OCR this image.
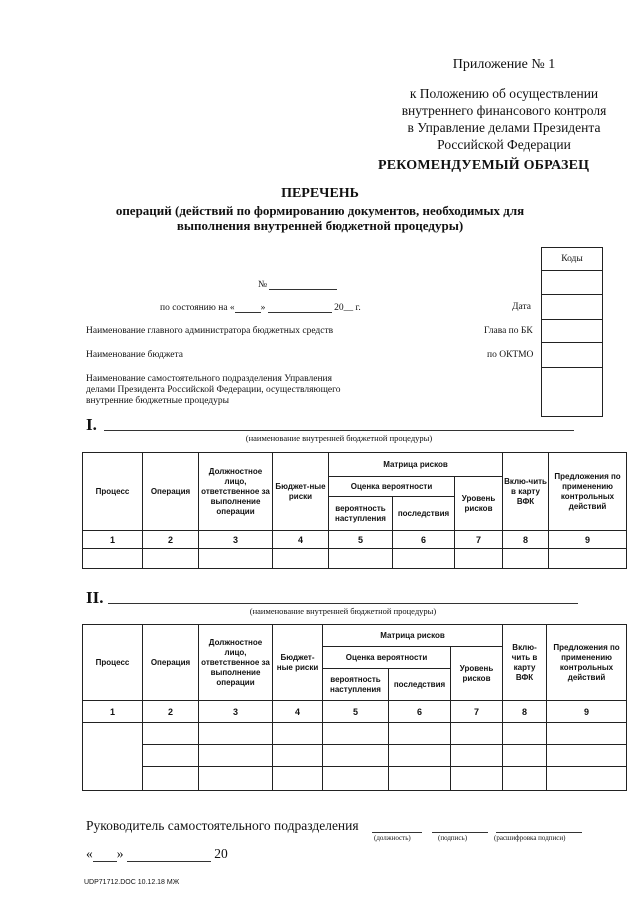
Приложение № 1
к Положению об осуществлении
внутреннего финансового контроля
в Управление делами Президента
Российской Федерации
РЕКОМЕНДУЕМЫЙ ОБРАЗЕЦ
ПЕРЕЧЕНЬ
операций (действий по формированию документов, необходимых для
выполнения внутренней бюджетной процедуры)
Коды

№
по состоянию на «	»	20__ г.	Дата
Наименование главного администратора бюджетных средств	Глава по БК
Наименование бюджета	по ОКТМО
Наименование самостоятельного подразделения Управления
делами Президента Российской Федерации, осуществляющего
внутренние бюджетные процедуры
I.
(наименование внутренней бюджетной процедуры)
Процесс	Операция	Должностное лицо, ответственное за выполнение операции	Бюджет-ные риски	Матрица рисков			Вклю-чить в карту ВФК	Предложения по применению контрольных действий
				Оценка вероятности		Уровень рисков		
				вероятность наступления	последствия			
1	2	3	4	5	6	7	8	9

II.
(наименование внутренней бюджетной процедуры)
Процесс	Операция	Должностное лицо, ответственное за выполнение операции	Бюджет-ные риски	Матрица рисков			Вклю-чить в карту ВФК	Предложения по применению контрольных действий
				Оценка вероятности		Уровень рисков		
				вероятность наступления	последствия			
1	2	3	4	5	6	7	8	9

Руководитель самостоятельного подразделения
(должность)	(подпись)	(расшифровка подписи)
« »	20
UDP71712.DOC 10.12.18 МЖ
